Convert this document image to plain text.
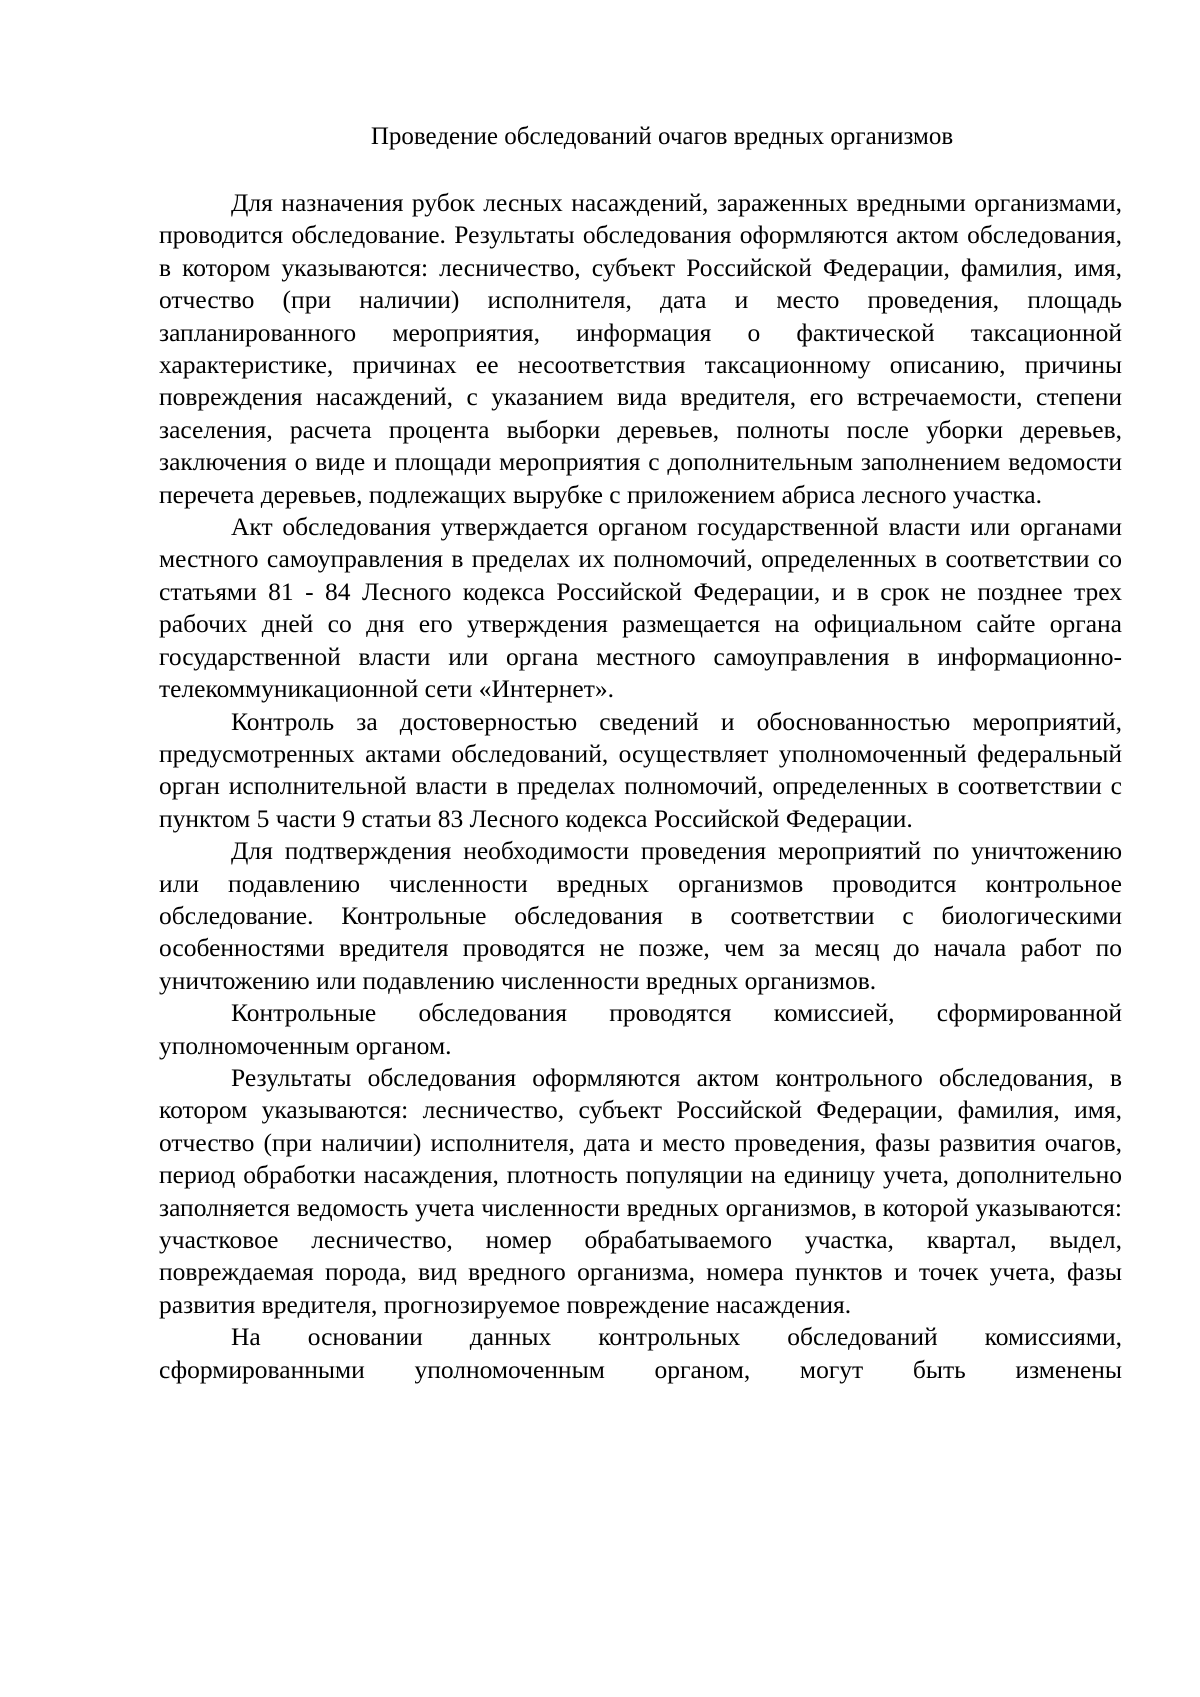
Проведение обследований очагов вредных организмов

Для назначения рубок лесных насаждений, зараженных вредными организмами, проводится обследование. Результаты обследования оформляются актом обследования, в котором указываются: лесничество, субъект Российской Федерации, фамилия, имя, отчество (при наличии) исполнителя, дата и место проведения, площадь запланированного мероприятия, информация о фактической таксационной характеристике, причинах ее несоответствия таксационному описанию, причины повреждения насаждений, с указанием вида вредителя, его встречаемости, степени заселения, расчета процента выборки деревьев, полноты после уборки деревьев, заключения о виде и площади мероприятия с дополнительным заполнением ведомости перечета деревьев, подлежащих вырубке с приложением абриса лесного участка.

Акт обследования утверждается органом государственной власти или органами местного самоуправления в пределах их полномочий, определенных в соответствии со статьями 81 - 84 Лесного кодекса Российской Федерации, и в срок не позднее трех рабочих дней со дня его утверждения размещается на официальном сайте органа государственной власти или органа местного самоуправления в информационно-телекоммуникационной сети «Интернет».

Контроль за достоверностью сведений и обоснованностью мероприятий, предусмотренных актами обследований, осуществляет уполномоченный федеральный орган исполнительной власти в пределах полномочий, определенных в соответствии с пунктом 5 части 9 статьи 83 Лесного кодекса Российской Федерации.

Для подтверждения необходимости проведения мероприятий по уничтожению или подавлению численности вредных организмов проводится контрольное обследование. Контрольные обследования в соответствии с биологическими особенностями вредителя проводятся не позже, чем за месяц до начала работ по уничтожению или подавлению численности вредных организмов.

Контрольные обследования проводятся комиссией, сформированной уполномоченным органом.

Результаты обследования оформляются актом контрольного обследования, в котором указываются: лесничество, субъект Российской Федерации, фамилия, имя, отчество (при наличии) исполнителя, дата и место проведения, фазы развития очагов, период обработки насаждения, плотность популяции на единицу учета, дополнительно заполняется ведомость учета численности вредных организмов, в которой указываются: участковое лесничество, номер обрабатываемого участка, квартал, выдел, повреждаемая порода, вид вредного организма, номера пунктов и точек учета, фазы развития вредителя, прогнозируемое повреждение насаждения.

На основании данных контрольных обследований комиссиями, сформированными уполномоченным органом, могут быть изменены
